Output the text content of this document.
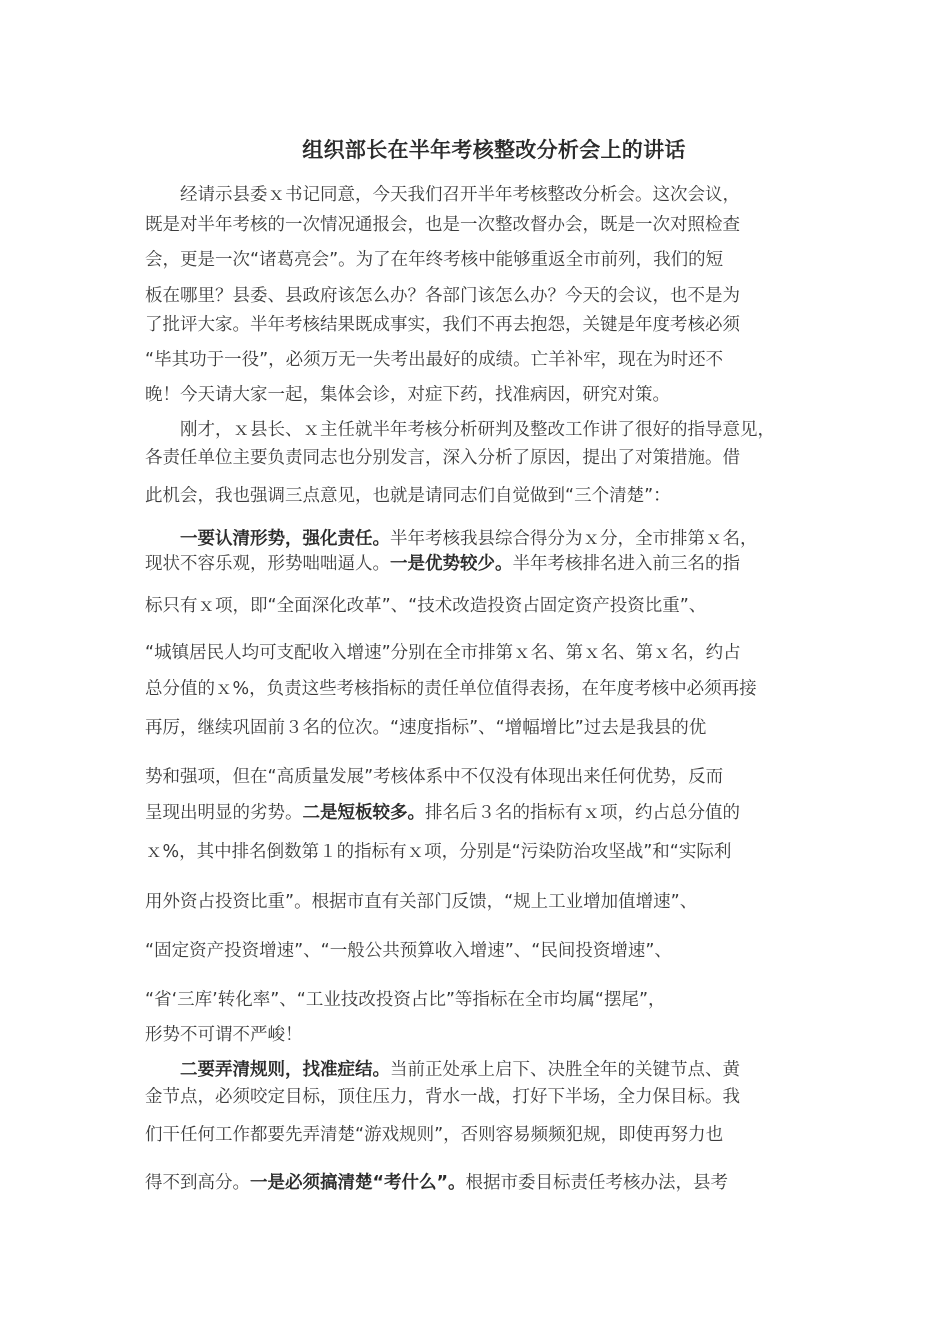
组织部长在半年考核整改分析会上的讲话
经请示县委ｘ书记同意，今天我们召开半年考核整改分析会。这次会议，
既是对半年考核的一次情况通报会，也是一次整改督办会，既是一次对照检查
会，更是一次“诸葛亮会”。为了在年终考核中能够重返全市前列，我们的短
板在哪里？县委、县政府该怎么办？各部门该怎么办？今天的会议，也不是为
了批评大家。半年考核结果既成事实，我们不再去抱怨，关键是年度考核必须
“毕其功于一役”，必须万无一失考出最好的成绩。亡羊补牢，现在为时还不
晚！今天请大家一起，集体会诊，对症下药，找准病因，研究对策。
刚才，ｘ县长、ｘ主任就半年考核分析研判及整改工作讲了很好的指导意见，
各责任单位主要负责同志也分别发言，深入分析了原因，提出了对策措施。借
此机会，我也强调三点意见，也就是请同志们自觉做到“三个清楚”：
一要认清形势，强化责任。半年考核我县综合得分为ｘ分，全市排第ｘ名，
现状不容乐观，形势咄咄逼人。一是优势较少。半年考核排名进入前三名的指
标只有ｘ项，即“全面深化改革”、“技术改造投资占固定资产投资比重”、
“城镇居民人均可支配收入增速”分别在全市排第ｘ名、第ｘ名、第ｘ名，约占
总分值的ｘ%，负责这些考核指标的责任单位值得表扬，在年度考核中必须再接
再厉，继续巩固前３名的位次。“速度指标”、“增幅增比”过去是我县的优
势和强项，但在“高质量发展”考核体系中不仅没有体现出来任何优势，反而
呈现出明显的劣势。二是短板较多。排名后３名的指标有ｘ项，约占总分值的
ｘ%，其中排名倒数第１的指标有ｘ项，分别是“污染防治攻坚战”和“实际利
用外资占投资比重”。根据市直有关部门反馈，“规上工业增加值增速”、
“固定资产投资增速”、“一般公共预算收入增速”、“民间投资增速”、
“省‘三库’转化率”、“工业技改投资占比”等指标在全市均属“摆尾”，
形势不可谓不严峻！
二要弄清规则，找准症结。当前正处承上启下、决胜全年的关键节点、黄
金节点，必须咬定目标，顶住压力，背水一战，打好下半场，全力保目标。我
们干任何工作都要先弄清楚“游戏规则”，否则容易频频犯规，即使再努力也
得不到高分。一是必须搞清楚“考什么”。根据市委目标责任考核办法，县考
